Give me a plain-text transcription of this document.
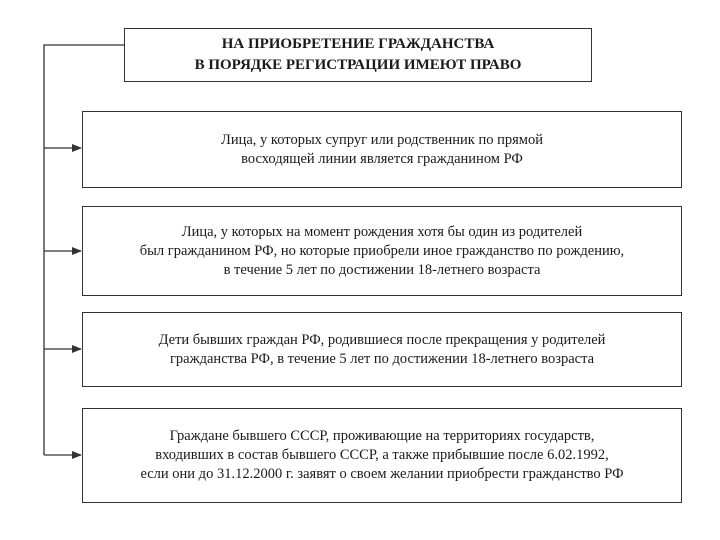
НА ПРИОБРЕТЕНИЕ ГРАЖДАНСТВА
В ПОРЯДКЕ РЕГИСТРАЦИИ ИМЕЮТ ПРАВО
Лица, у которых супруг или родственник по прямой
восходящей линии является гражданином РФ
Лица, у которых на момент рождения хотя бы один из родителей
был гражданином РФ, но которые приобрели иное гражданство по рождению,
в течение 5 лет по достижении 18-летнего возраста
Дети бывших граждан РФ, родившиеся после прекращения у родителей
гражданства РФ, в течение 5 лет по достижении 18-летнего возраста
Граждане бывшего СССР, проживающие на территориях государств,
входивших в состав бывшего СССР, а также прибывшие после 6.02.1992,
если они до 31.12.2000 г. заявят о своем желании приобрести гражданство РФ
